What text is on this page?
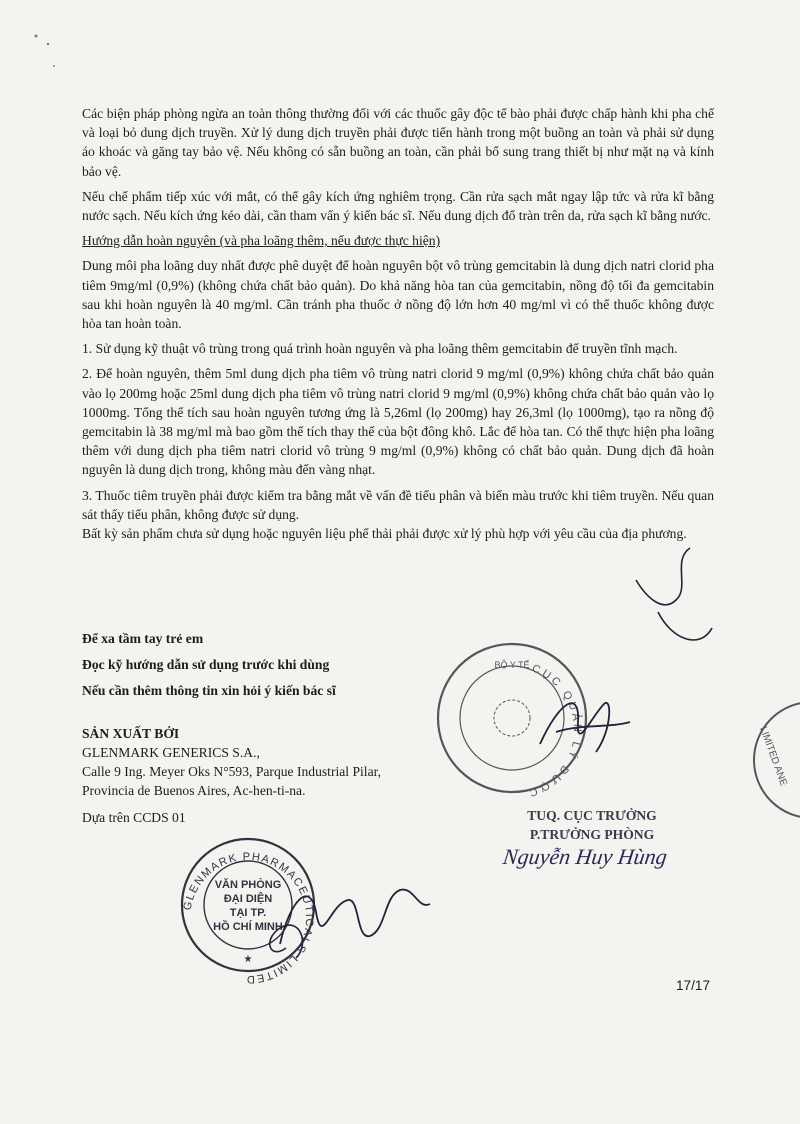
Các biện pháp phòng ngừa an toàn thông thường đối với các thuốc gây độc tế bào phải được chấp hành khi pha chế và loại bỏ dung dịch truyền. Xử lý dung dịch truyền phải được tiến hành trong một buồng an toàn và phải sử dụng áo khoác và găng tay bảo vệ. Nếu không có sẵn buồng an toàn, cần phải bổ sung trang thiết bị như mặt nạ và kính bảo vệ.

Nếu chế phẩm tiếp xúc với mắt, có thể gây kích ứng nghiêm trọng. Cần rửa sạch mắt ngay lập tức và rửa kĩ bằng nước sạch. Nếu kích ứng kéo dài, cần tham vấn ý kiến bác sĩ. Nếu dung dịch đổ tràn trên da, rửa sạch kĩ bằng nước.

Hướng dẫn hoàn nguyên (và pha loãng thêm, nếu được thực hiện)

Dung môi pha loãng duy nhất được phê duyệt để hoàn nguyên bột vô trùng gemcitabin là dung dịch natri clorid pha tiêm 9mg/ml (0,9%) (không chứa chất bảo quản). Do khả năng hòa tan của gemcitabin, nồng độ tối đa gemcitabin sau khi hoàn nguyên là 40 mg/ml. Cần tránh pha thuốc ở nồng độ lớn hơn 40 mg/ml vì có thể thuốc không được hòa tan hoàn toàn.

1. Sử dụng kỹ thuật vô trùng trong quá trình hoàn nguyên và pha loãng thêm gemcitabin để truyền tĩnh mạch.

2. Để hoàn nguyên, thêm 5ml dung dịch pha tiêm vô trùng natri clorid 9 mg/ml (0,9%) không chứa chất bảo quản vào lọ 200mg hoặc 25ml dung dịch pha tiêm vô trùng natri clorid 9 mg/ml (0,9%) không chứa chất bảo quản vào lọ 1000mg. Tổng thể tích sau hoàn nguyên tương ứng là 5,26ml (lọ 200mg) hay 26,3ml (lọ 1000mg), tạo ra nồng độ gemcitabin là 38 mg/ml mà bao gồm thể tích thay thế của bột đông khô. Lắc để hòa tan. Có thể thực hiện pha loãng thêm với dung dịch pha tiêm natri clorid vô trùng 9 mg/ml (0,9%) không có chất bảo quản. Dung dịch đã hoàn nguyên là dung dịch trong, không màu đến vàng nhạt.

3. Thuốc tiêm truyền phải được kiểm tra bằng mắt về vấn đề tiểu phân và biến màu trước khi tiêm truyền. Nếu quan sát thấy tiểu phân, không được sử dụng.

Bất kỳ sản phẩm chưa sử dụng hoặc nguyên liệu phế thải phải được xử lý phù hợp với yêu cầu của địa phương.

Để xa tầm tay trẻ em
Đọc kỹ hướng dẫn sử dụng trước khi dùng
Nếu cần thêm thông tin xin hỏi ý kiến bác sĩ
SẢN XUẤT BỞI
GLENMARK GENERICS S.A.,
Calle 9 Ing. Meyer Oks N°593, Parque Industrial Pilar,
Provincia de Buenos Aires, Ac-hen-ti-na.
Dựa trên CCDS 01	TUQ. CỤC TRƯỞNG
P.TRƯỞNG PHÒNG
Nguyễn Huy Hùng
17/17
GLENMARK PHARMACEUTICALS LIMITED
VĂN PHÒNG
ĐẠI DIỆN
TẠI TP.
HỒ CHÍ MINH
★
CỤC QUẢN LÝ DƯỢC
BỘ Y TẾ
LIMITED ANE
